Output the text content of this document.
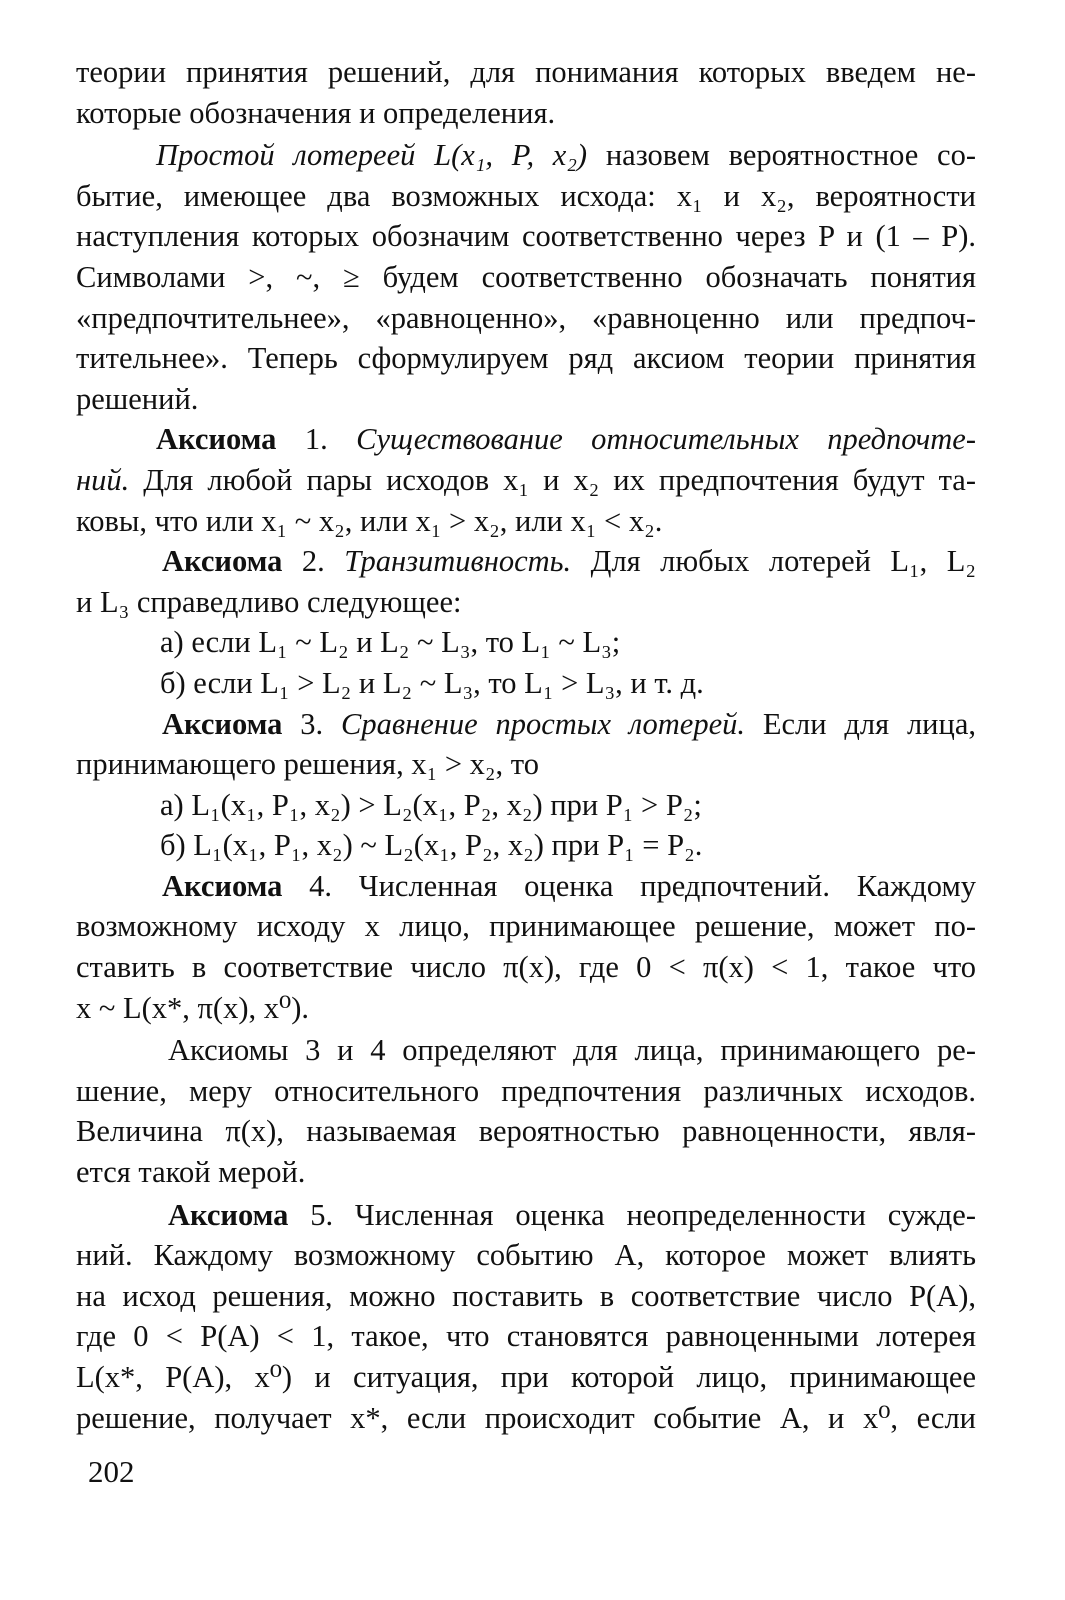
теории принятия решений, для понимания которых введем не-
которые обозначения и определения.
Простой лотереей L(x₁, P, x₂) назовем вероятностное со-
бытие, имеющее два возможных исхода: x₁ и x₂, вероятности
наступления которых обозначим соответственно через P и (1 – P).
Символами >, ~, ≥ будем соответственно обозначать понятия
«предпочтительнее», «равноценно», «равноценно или предпоч-
тительнее». Теперь сформулируем ряд аксиом теории принятия
решений.
Аксиома 1. Существование относительных предпочте-
ний. Для любой пары исходов x₁ и x₂ их предпочтения будут та-
ковы, что или x₁ ~ x₂, или x₁ > x₂, или x₁ < x₂.
Аксиома 2. Транзитивность. Для любых лотерей L₁, L₂
и L₃ справедливо следующее:
а) если L₁ ~ L₂ и L₂ ~ L₃, то L₁ ~ L₃;
б) если L₁ > L₂ и L₂ ~ L₃, то L₁ > L₃, и т. д.
Аксиома 3. Сравнение простых лотерей. Если для лица,
принимающего решения, x₁ > x₂, то
а) L₁(x₁, P₁, x₂) > L₂(x₁, P₂, x₂) при P₁ > P₂;
б) L₁(x₁, P₁, x₂) ~ L₂(x₁, P₂, x₂) при P₁ = P₂.
Аксиома 4. Численная оценка предпочтений. Каждому
возможному исходу x лицо, принимающее решение, может по-
ставить в соответствие число π(x), где 0 < π(x) < 1, такое что
x ~ L(x*, π(x), x⁰).
Аксиомы 3 и 4 определяют для лица, принимающего ре-
шение, меру относительного предпочтения различных исходов.
Величина π(x), называемая вероятностью равноценности, явля-
ется такой мерой.
Аксиома 5. Численная оценка неопределенности сужде-
ний. Каждому возможному событию A, которое может влиять
на исход решения, можно поставить в соответствие число P(A),
где 0 < P(A) < 1, такое, что становятся равноценными лотерея
L(x*, P(A), x⁰) и ситуация, при которой лицо, принимающее
решение, получает x*, если происходит событие A, и x⁰, если
202
